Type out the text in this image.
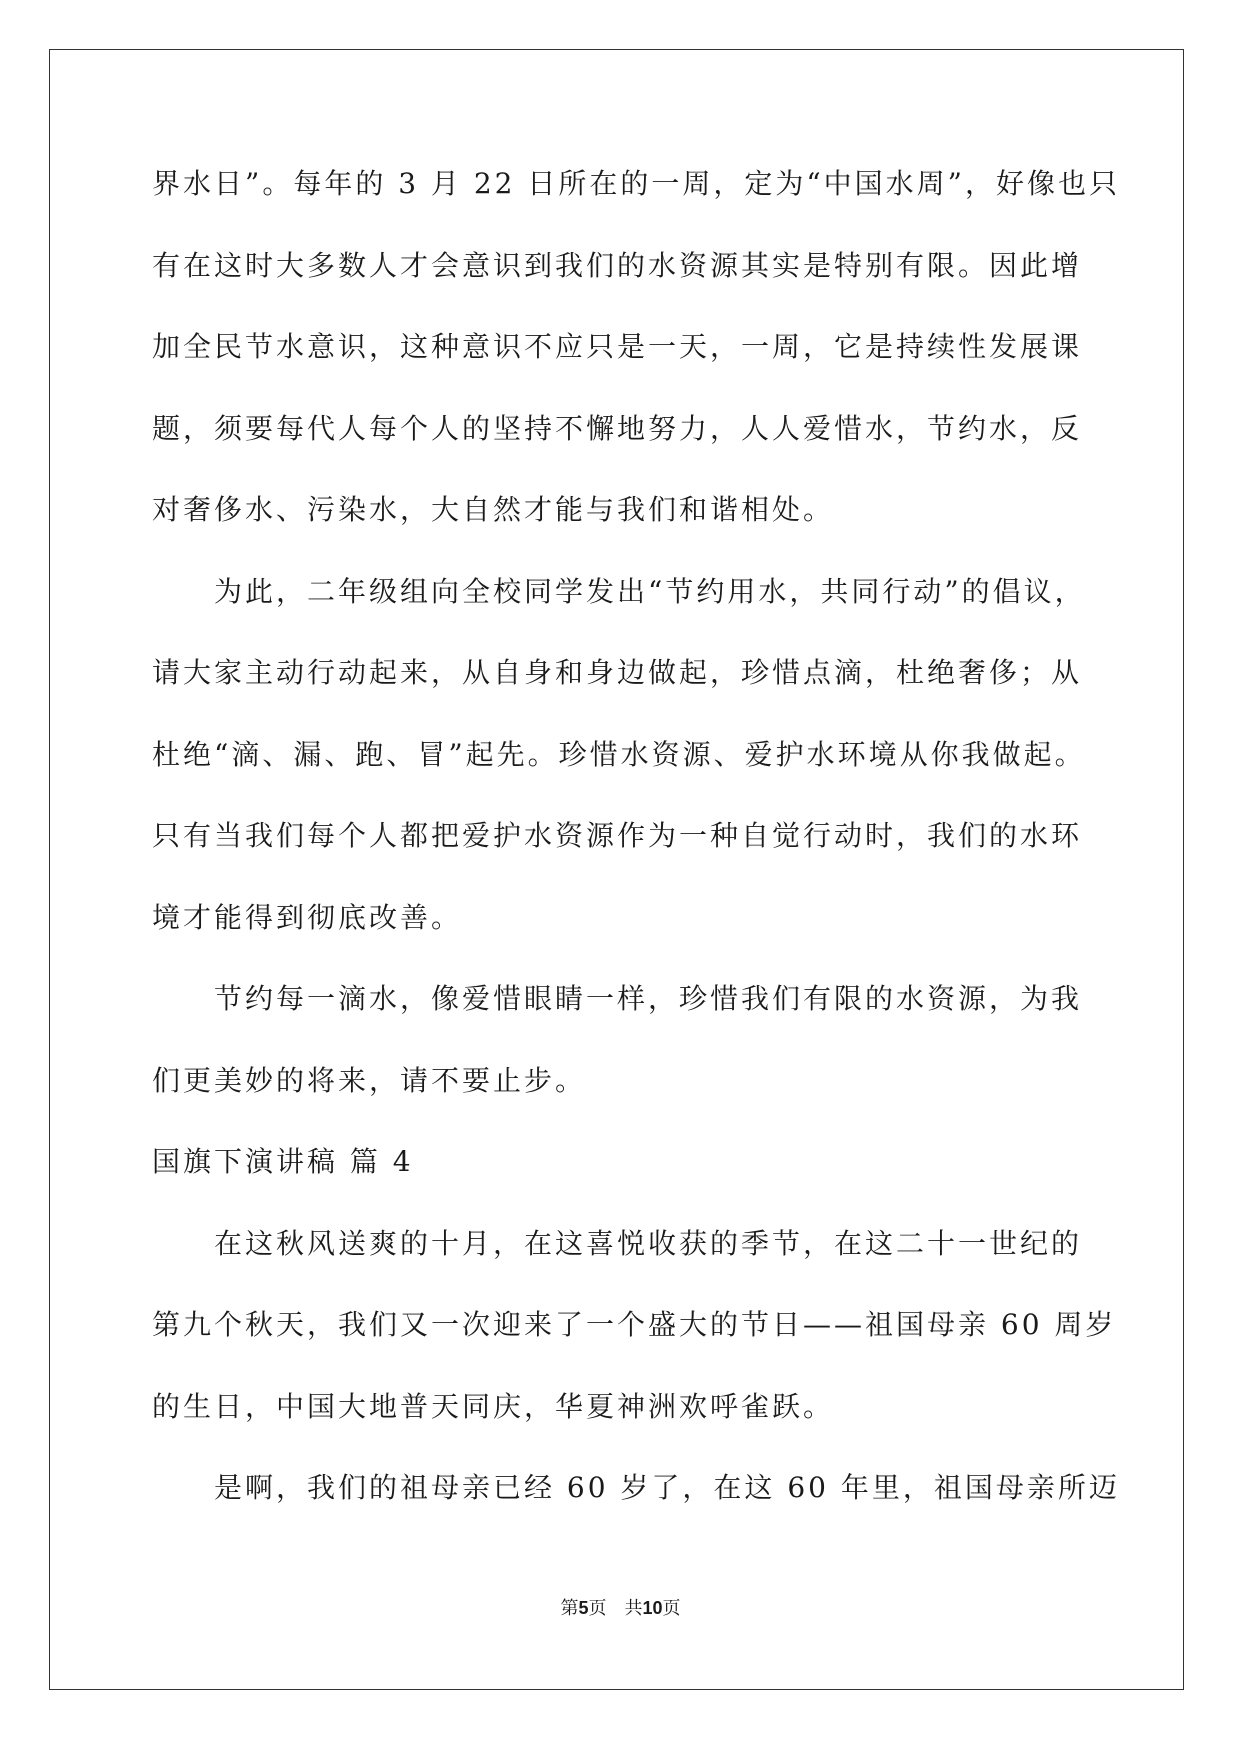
界水日”。每年的 3 月 22 日所在的一周，定为“中国水周”，好像也只
有在这时大多数人才会意识到我们的水资源其实是特别有限。因此增
加全民节水意识，这种意识不应只是一天，一周，它是持续性发展课
题，须要每代人每个人的坚持不懈地努力，人人爱惜水，节约水，反
对奢侈水、污染水，大自然才能与我们和谐相处。
为此，二年级组向全校同学发出“节约用水，共同行动”的倡议，
请大家主动行动起来，从自身和身边做起，珍惜点滴，杜绝奢侈；从
杜绝“滴、漏、跑、冒”起先。珍惜水资源、爱护水环境从你我做起。
只有当我们每个人都把爱护水资源作为一种自觉行动时，我们的水环
境才能得到彻底改善。
节约每一滴水，像爱惜眼睛一样，珍惜我们有限的水资源，为我
们更美妙的将来，请不要止步。
国旗下演讲稿 篇 4
在这秋风送爽的十月，在这喜悦收获的季节，在这二十一世纪的
第九个秋天，我们又一次迎来了一个盛大的节日——祖国母亲 60 周岁
的生日，中国大地普天同庆，华夏神洲欢呼雀跃。
是啊，我们的祖母亲已经 60 岁了，在这 60 年里，祖国母亲所迈
第5页　共10页
